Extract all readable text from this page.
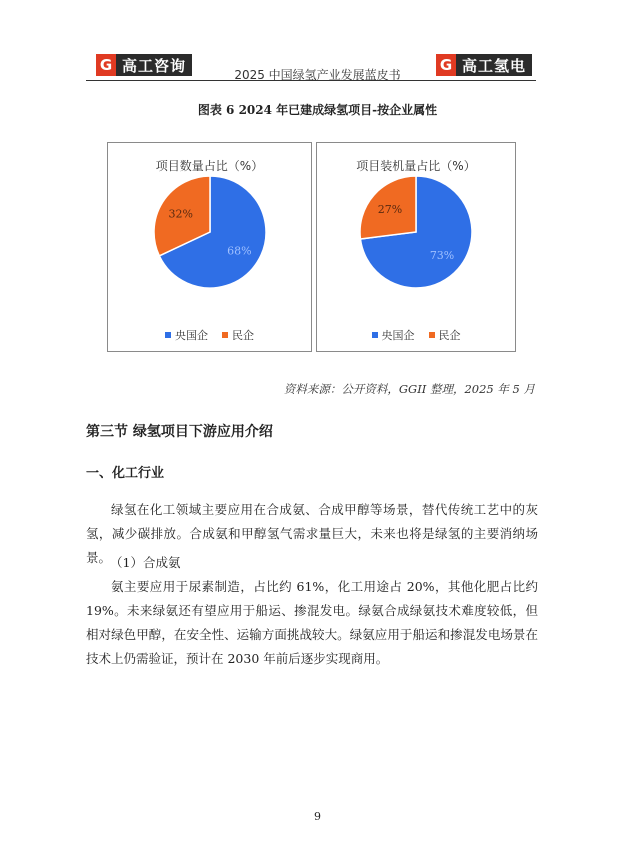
G 高工咨询
2025 中国绿氢产业发展蓝皮书
G 高工氢电
图表 6 2024 年已建成绿氢项目-按企业属性
项目数量占比（%）
68%
32%
央国企 民企
项目装机量占比（%）
73%
27%
央国企 民企
资料来源：公开资料，GGII 整理，2025 年 5 月
第三节 绿氢项目下游应用介绍
一、化工行业
绿氢在化工领域主要应用在合成氨、合成甲醇等场景，替代传统工艺中的灰氢，减少碳排放。合成氨和甲醇氢气需求量巨大，未来也将是绿氢的主要消纳场景。
（1）合成氨
氨主要应用于尿素制造，占比约 61%，化工用途占 20%，其他化肥占比约 19%。未来绿氨还有望应用于船运、掺混发电。绿氨合成绿氨技术难度较低，但相对绿色甲醇，在安全性、运输方面挑战较大。绿氨应用于船运和掺混发电场景在技术上仍需验证，预计在 2030 年前后逐步实现商用。
9
